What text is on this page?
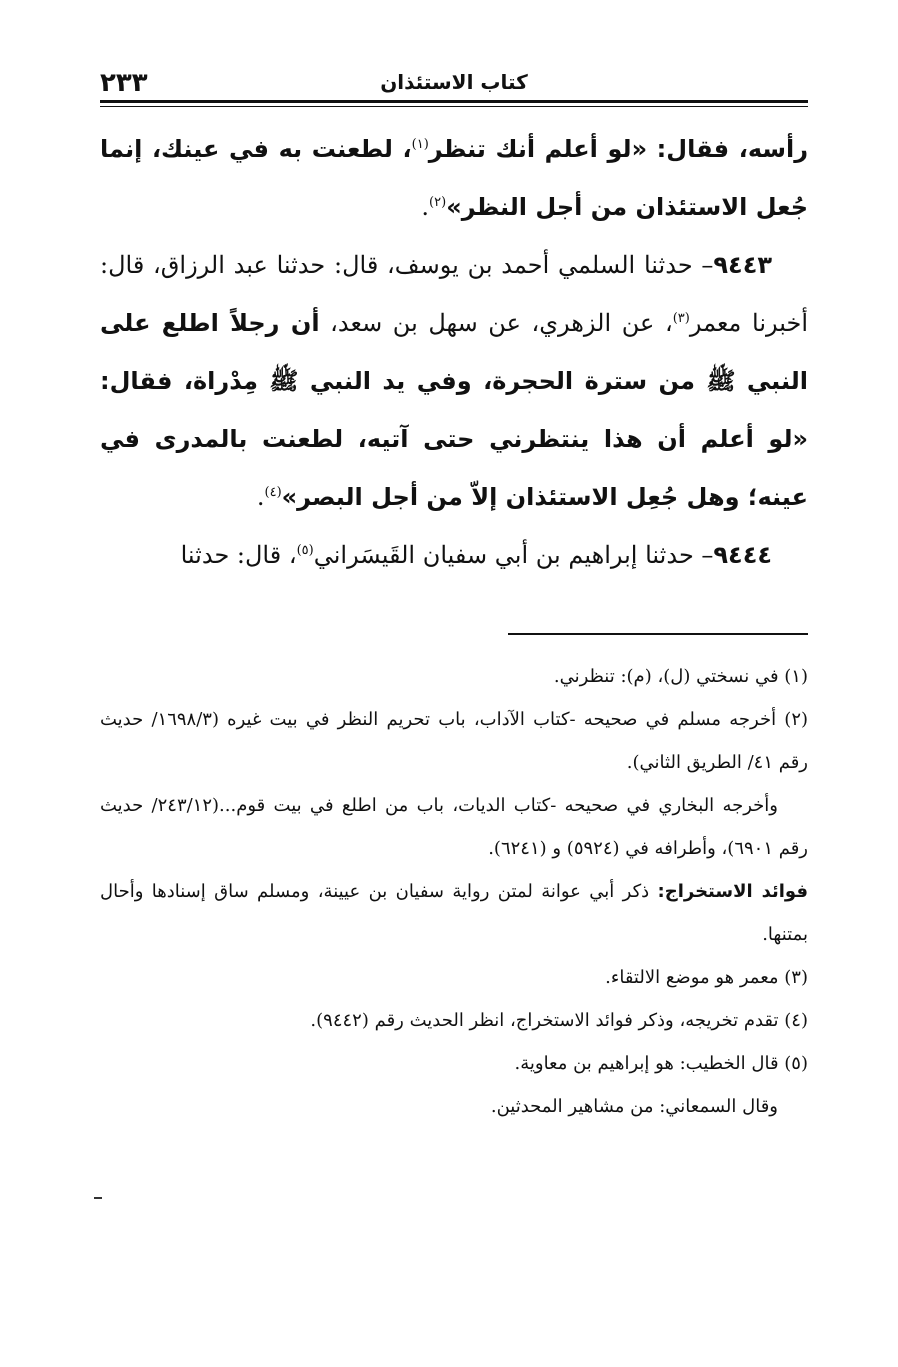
٢٣٣	كتاب الاستئذان

رأسه، فقال: «لو أعلم أنك تنظر$^{(١)}$، لطعنت به في عينك، إنما جُعل الاستئذان من أجل النظر»$^{(٢)}$.

٩٤٤٣– حدثنا السلمي أحمد بن يوسف، قال: حدثنا عبد الرزاق، قال: أخبرنا معمر$^{(٣)}$، عن الزهري، عن سهل بن سعد، أن رجلاً اطلع على النبي ﷺ من سترة الحجرة، وفي يد النبي ﷺ مِدْراة، فقال: «لو أعلم أن هذا ينتظرني حتى آتيه، لطعنت بالمدرى في عينه؛ وهل جُعِل الاستئذان إلاّ من أجل البصر»$^{(٤)}$.

٩٤٤٤– حدثنا إبراهيم بن أبي سفيان القَيسَراني$^{(٥)}$، قال: حدثنا

(١) في نسختي (ل)، (م): تنظرني.

(٢) أخرجه مسلم في صحيحه -كتاب الآداب، باب تحريم النظر في بيت غيره (١٦٩٨/٣/ حديث رقم ٤١/ الطريق الثاني).

وأخرجه البخاري في صحيحه -كتاب الديات، باب من اطلع في بيت قوم...(٢٤٣/١٢/ حديث رقم ٦٩٠١)، وأطرافه في (٥٩٢٤) و (٦٢٤١).

فوائد الاستخراج: ذكر أبي عوانة لمتن رواية سفيان بن عيينة، ومسلم ساق إسنادها وأحال بمتنها.

(٣) معمر هو موضع الالتقاء.

(٤) تقدم تخريجه، وذكر فوائد الاستخراج، انظر الحديث رقم (٩٤٤٢).

(٥) قال الخطيب: هو إبراهيم بن معاوية.

وقال السمعاني: من مشاهير المحدثين.
